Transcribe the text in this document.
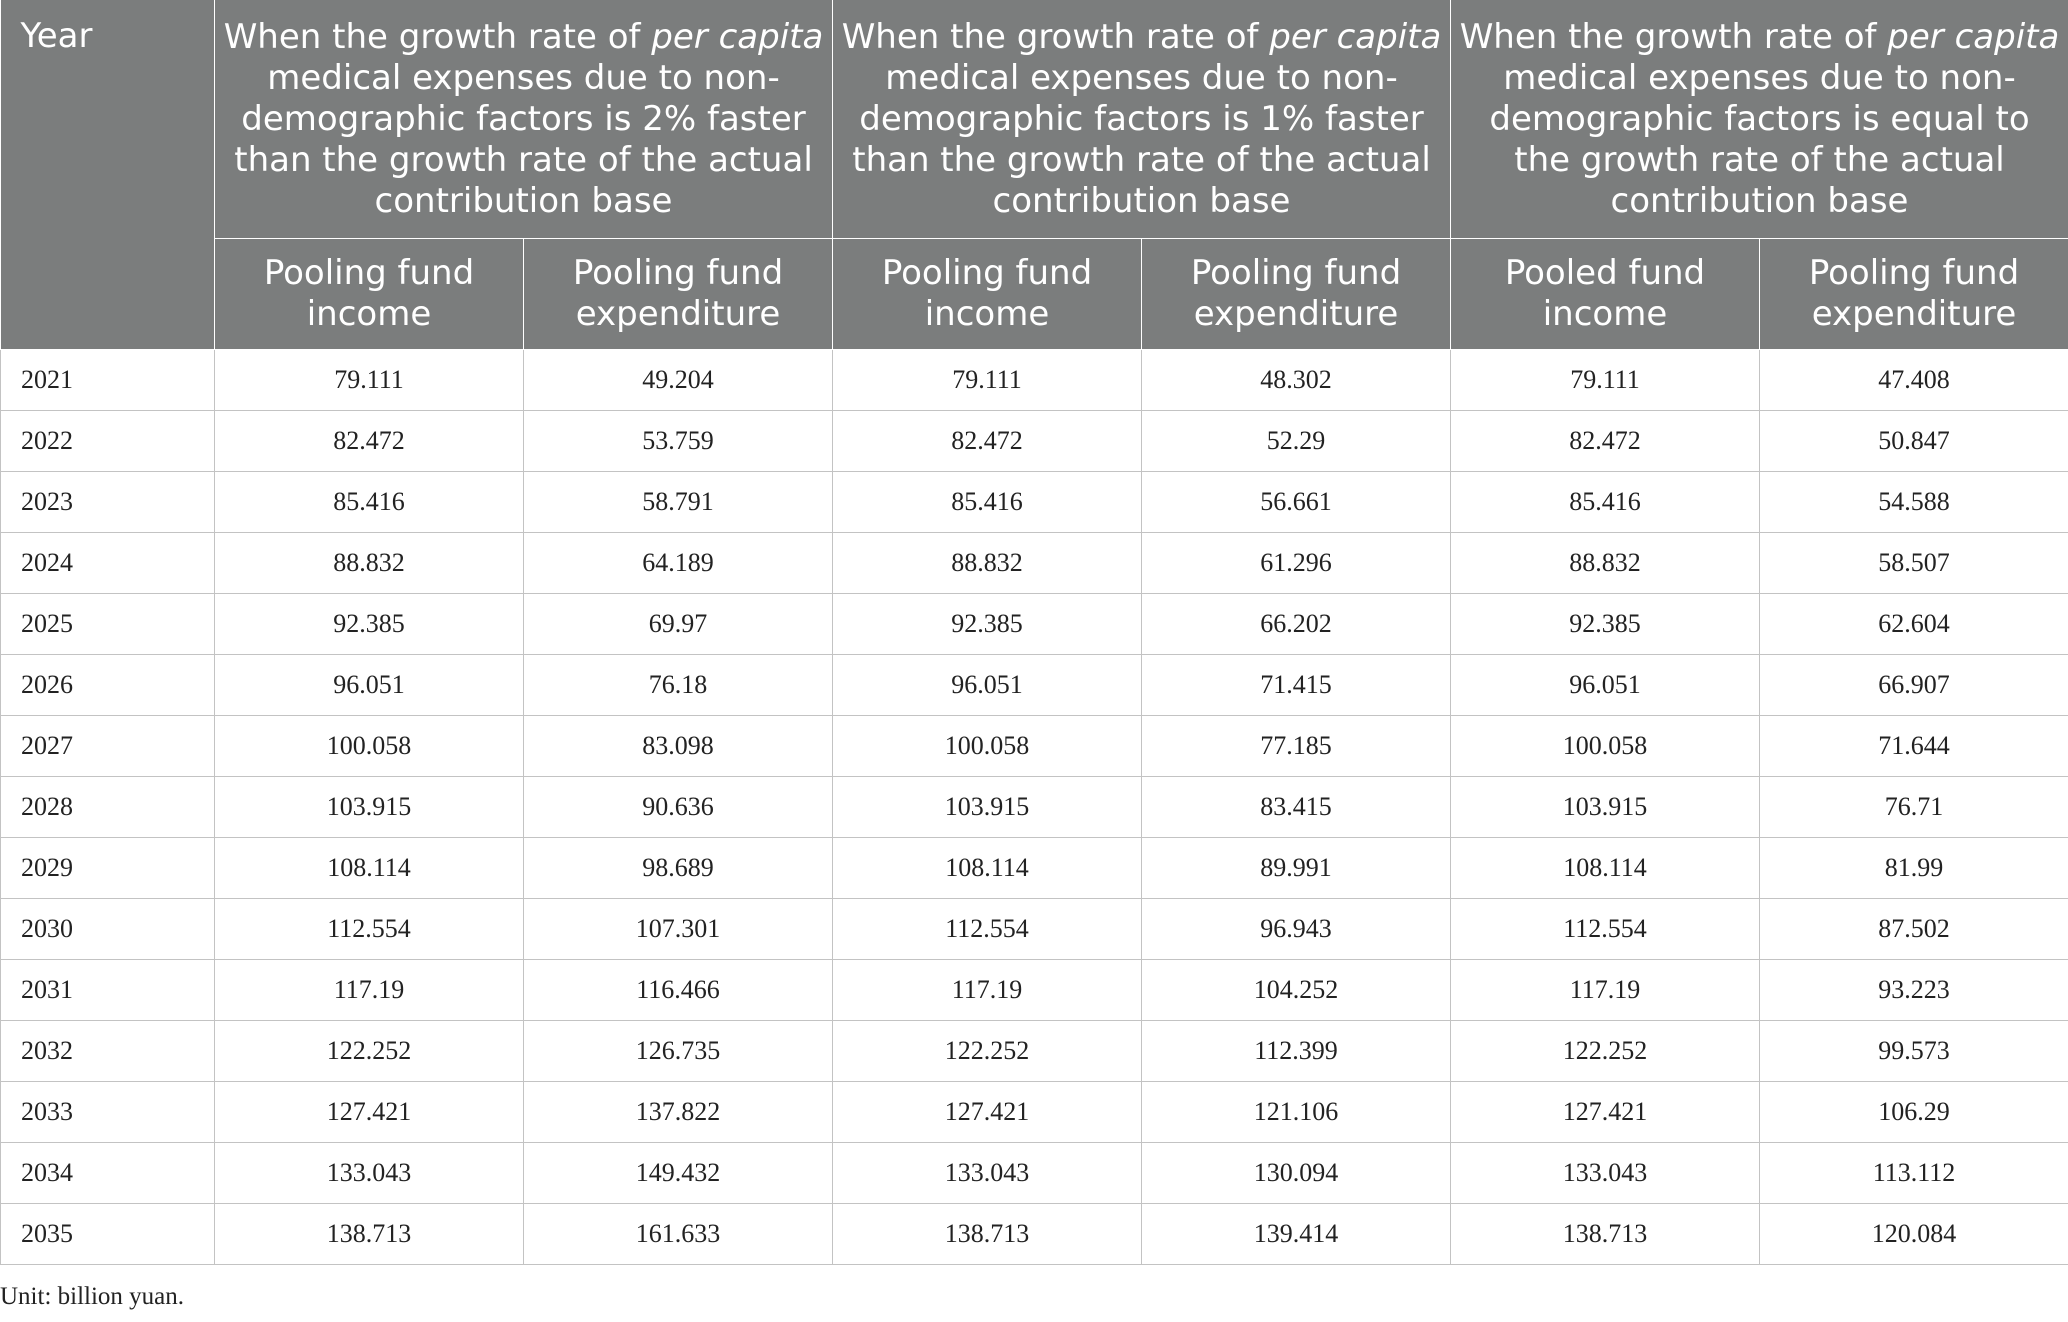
Year	When the growth rate of per capita medical expenses due to non-demographic factors is 2% faster than the growth rate of the actual contribution base		When the growth rate of per capita medical expenses due to non-demographic factors is 1% faster than the growth rate of the actual contribution base		When the growth rate of per capita medical expenses due to non-demographic factors is equal to the growth rate of the actual contribution base	
	Pooling fund income	Pooling fund expenditure	Pooling fund income	Pooling fund expenditure	Pooled fund income	Pooling fund expenditure
2021	79.111	49.204	79.111	48.302	79.111	47.408
2022	82.472	53.759	82.472	52.29	82.472	50.847
2023	85.416	58.791	85.416	56.661	85.416	54.588
2024	88.832	64.189	88.832	61.296	88.832	58.507
2025	92.385	69.97	92.385	66.202	92.385	62.604
2026	96.051	76.18	96.051	71.415	96.051	66.907
2027	100.058	83.098	100.058	77.185	100.058	71.644
2028	103.915	90.636	103.915	83.415	103.915	76.71
2029	108.114	98.689	108.114	89.991	108.114	81.99
2030	112.554	107.301	112.554	96.943	112.554	87.502
2031	117.19	116.466	117.19	104.252	117.19	93.223
2032	122.252	126.735	122.252	112.399	122.252	99.573
2033	127.421	137.822	127.421	121.106	127.421	106.29
2034	133.043	149.432	133.043	130.094	133.043	113.112
2035	138.713	161.633	138.713	139.414	138.713	120.084
Unit: billion yuan.
